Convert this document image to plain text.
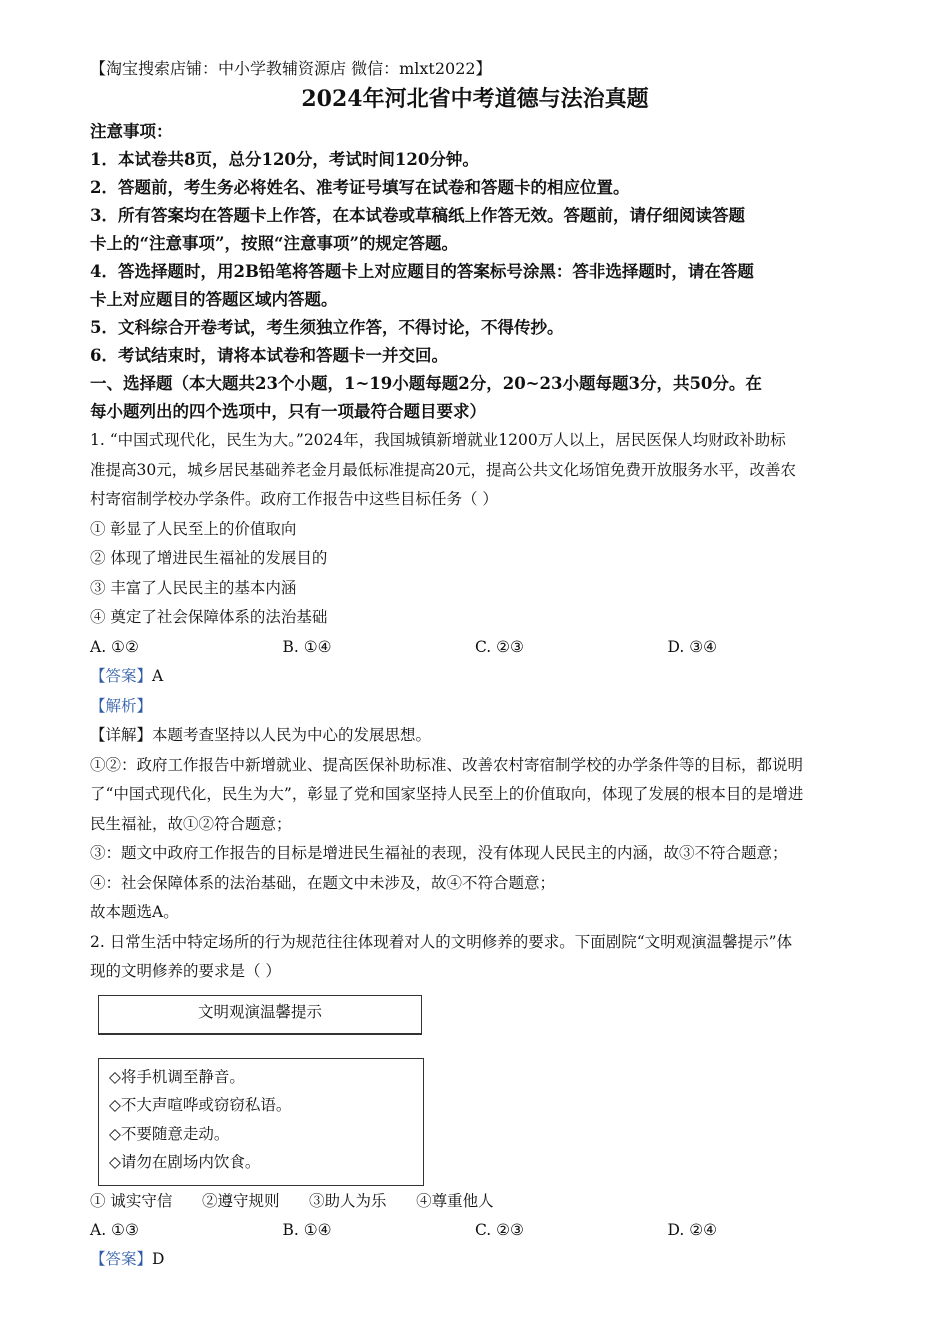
【淘宝搜索店铺：中小学教辅资源店 微信：mlxt2022】
2024年河北省中考道德与法治真题
注意事项：
1．本试卷共8页，总分120分，考试时间120分钟。
2．答题前，考生务必将姓名、准考证号填写在试卷和答题卡的相应位置。
3．所有答案均在答题卡上作答，在本试卷或草稿纸上作答无效。答题前，请仔细阅读答题
卡上的“注意事项”，按照“注意事项”的规定答题。
4．答选择题时，用2B铅笔将答题卡上对应题目的答案标号涂黑：答非选择题时，请在答题
卡上对应题目的答题区域内答题。
5．文科综合开卷考试，考生须独立作答，不得讨论，不得传抄。
6．考试结束时，请将本试卷和答题卡一并交回。
一、选择题（本大题共23个小题，1~19小题每题2分，20~23小题每题3分，共50分。在
每小题列出的四个选项中，只有一项最符合题目要求）
1. “中国式现代化，民生为大。”2024年，我国城镇新增就业1200万人以上，居民医保人均财政补助标
准提高30元，城乡居民基础养老金月最低标准提高20元，提高公共文化场馆免费开放服务水平，改善农
村寄宿制学校办学条件。政府工作报告中这些目标任务（ ）
① 彰显了人民至上的价值取向
② 体现了增进民生福祉的发展目的
③ 丰富了人民民主的基本内涵
④ 奠定了社会保障体系的法治基础
A. ①②	B. ①④	C. ②③	D. ③④
【答案】A
【解析】
【详解】本题考查坚持以人民为中心的发展思想。
①②：政府工作报告中新增就业、提高医保补助标准、改善农村寄宿制学校的办学条件等的目标，都说明
了“中国式现代化，民生为大”，彰显了党和国家坚持人民至上的价值取向，体现了发展的根本目的是增进
民生福祉，故①②符合题意；
③：题文中政府工作报告的目标是增进民生福祉的表现，没有体现人民民主的内涵，故③不符合题意；
④：社会保障体系的法治基础，在题文中未涉及，故④不符合题意；
故本题选A。
2. 日常生活中特定场所的行为规范往往体现着对人的文明修养的要求。下面剧院“文明观演温馨提示”体
现的文明修养的要求是（ ）
文明观演温馨提示
◇将手机调至静音。
◇不大声喧哗或窃窃私语。
◇不要随意走动。
◇请勿在剧场内饮食。
① 诚实守信      ②遵守规则      ③助人为乐      ④尊重他人
A. ①③	B. ①④	C. ②③	D. ②④
【答案】D
